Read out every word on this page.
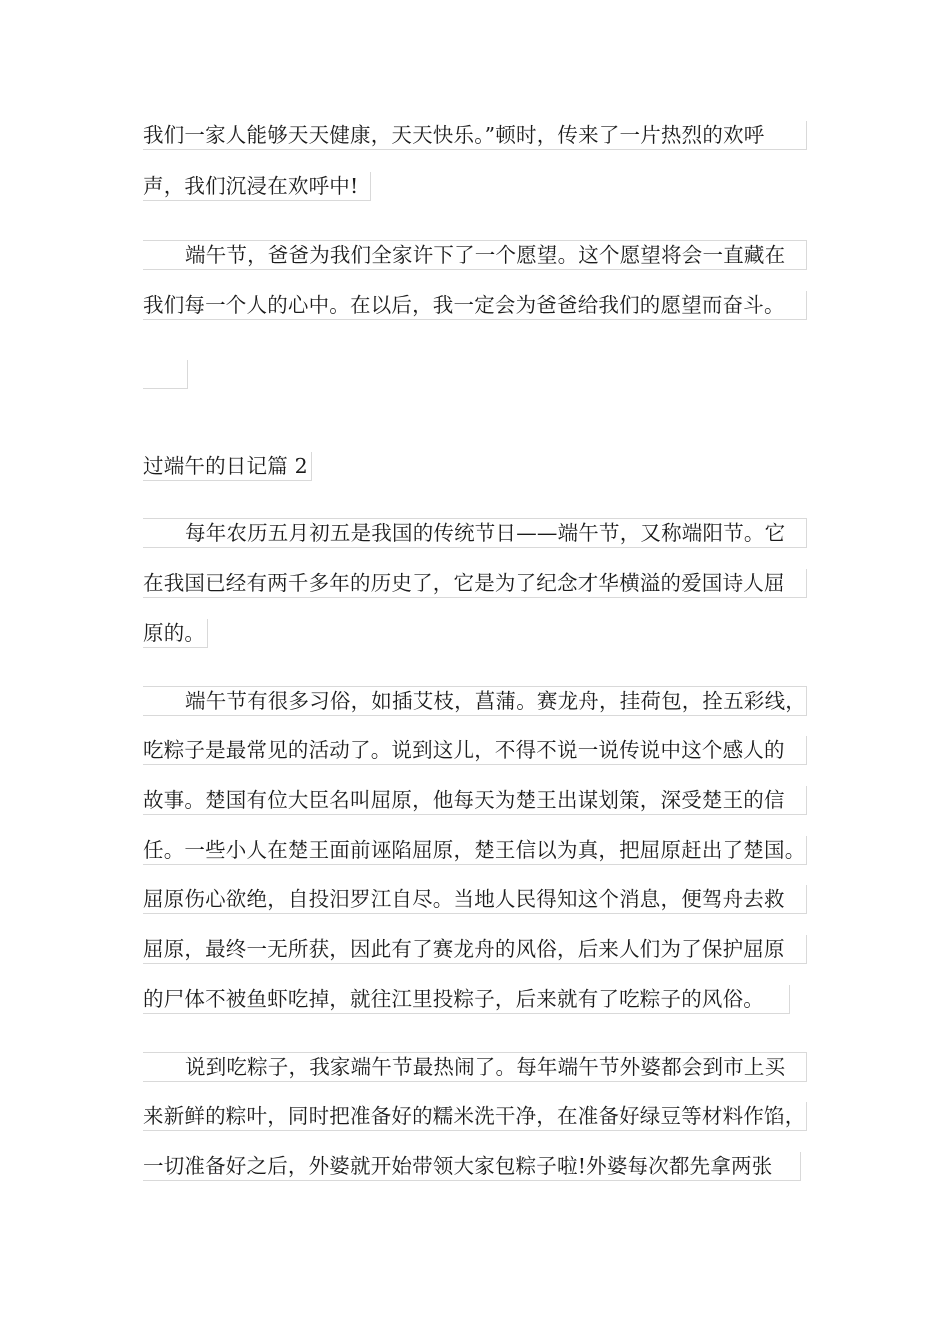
我们一家人能够天天健康，天天快乐。”顿时，传来了一片热烈的欢呼
声，我们沉浸在欢呼中!
端午节，爸爸为我们全家许下了一个愿望。这个愿望将会一直藏在
我们每一个人的心中。在以后，我一定会为爸爸给我们的愿望而奋斗。
过端午的日记篇 2
每年农历五月初五是我国的传统节日——端午节，又称端阳节。它
在我国已经有两千多年的历史了，它是为了纪念才华横溢的爱国诗人屈
原的。
端午节有很多习俗，如插艾枝，菖蒲。赛龙舟，挂荷包，拴五彩线，
吃粽子是最常见的活动了。说到这儿，不得不说一说传说中这个感人的
故事。楚国有位大臣名叫屈原，他每天为楚王出谋划策，深受楚王的信
任。一些小人在楚王面前诬陷屈原，楚王信以为真，把屈原赶出了楚国。
屈原伤心欲绝，自投汨罗江自尽。当地人民得知这个消息，便驾舟去救
屈原，最终一无所获，因此有了赛龙舟的风俗，后来人们为了保护屈原
的尸体不被鱼虾吃掉，就往江里投粽子，后来就有了吃粽子的风俗。
说到吃粽子，我家端午节最热闹了。每年端午节外婆都会到市上买
来新鲜的粽叶，同时把准备好的糯米洗干净，在准备好绿豆等材料作馅，
一切准备好之后，外婆就开始带领大家包粽子啦!外婆每次都先拿两张
